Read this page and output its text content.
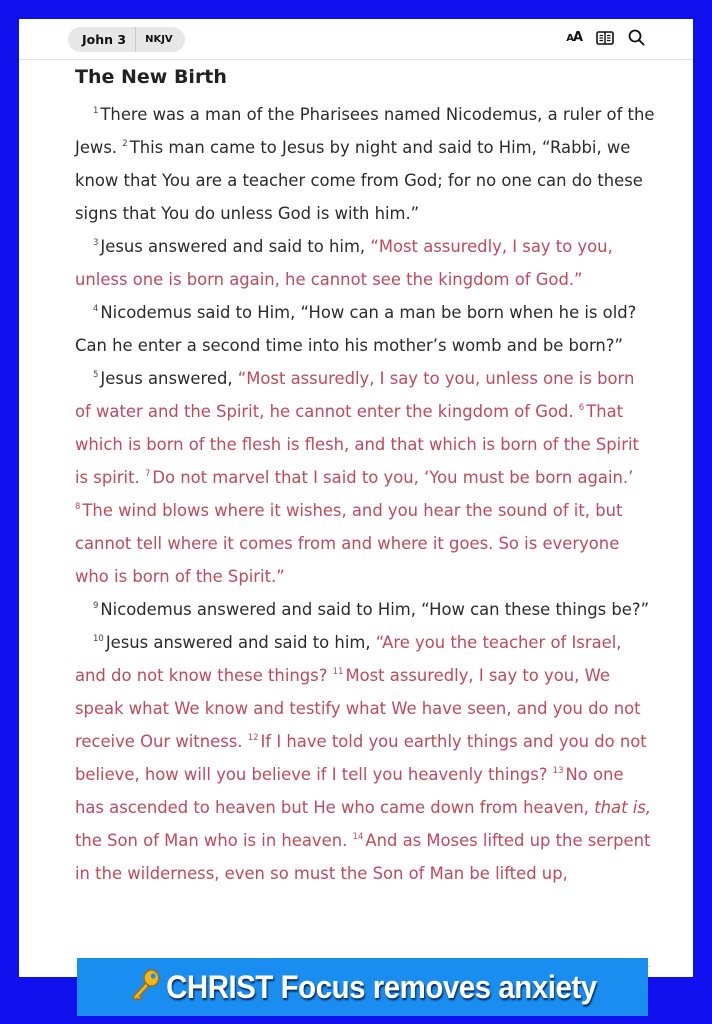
John 3	NKJV	AA
The New Birth

$^1$ There was a man of the Pharisees named Nicodemus, a ruler of the Jews. $^2$ This man came to Jesus by night and said to Him, “Rabbi, we know that You are a teacher come from God; for no one can do these signs that You do unless God is with him.”

$^3$ Jesus answered and said to him, “Most assuredly, I say to you, unless one is born again, he cannot see the kingdom of God.”

$^4$ Nicodemus said to Him, “How can a man be born when he is old? Can he enter a second time into his mother’s womb and be born?”

$^5$ Jesus answered, “Most assuredly, I say to you, unless one is born of water and the Spirit, he cannot enter the kingdom of God. $^6$ That which is born of the flesh is flesh, and that which is born of the Spirit is spirit. $^7$ Do not marvel that I said to you, ‘You must be born again.’

$^8$ The wind blows where it wishes, and you hear the sound of it, but cannot tell where it comes from and where it goes. So is everyone who is born of the Spirit.”

$^9$ Nicodemus answered and said to Him, “How can these things be?”

$^{10}$ Jesus answered and said to him, “Are you the teacher of Israel, and do not know these things? $^{11}$ Most assuredly, I say to you, We speak what We know and testify what We have seen, and you do not receive Our witness. $^{12}$ If I have told you earthly things and you do not believe, how will you believe if I tell you heavenly things? $^{13}$ No one has ascended to heaven but He who came down from heaven, that is, the Son of Man who is in heaven. $^{14}$ And as Moses lifted up the serpent in the wilderness, even so must the Son of Man be lifted up,

CHRIST Focus removes anxiety
